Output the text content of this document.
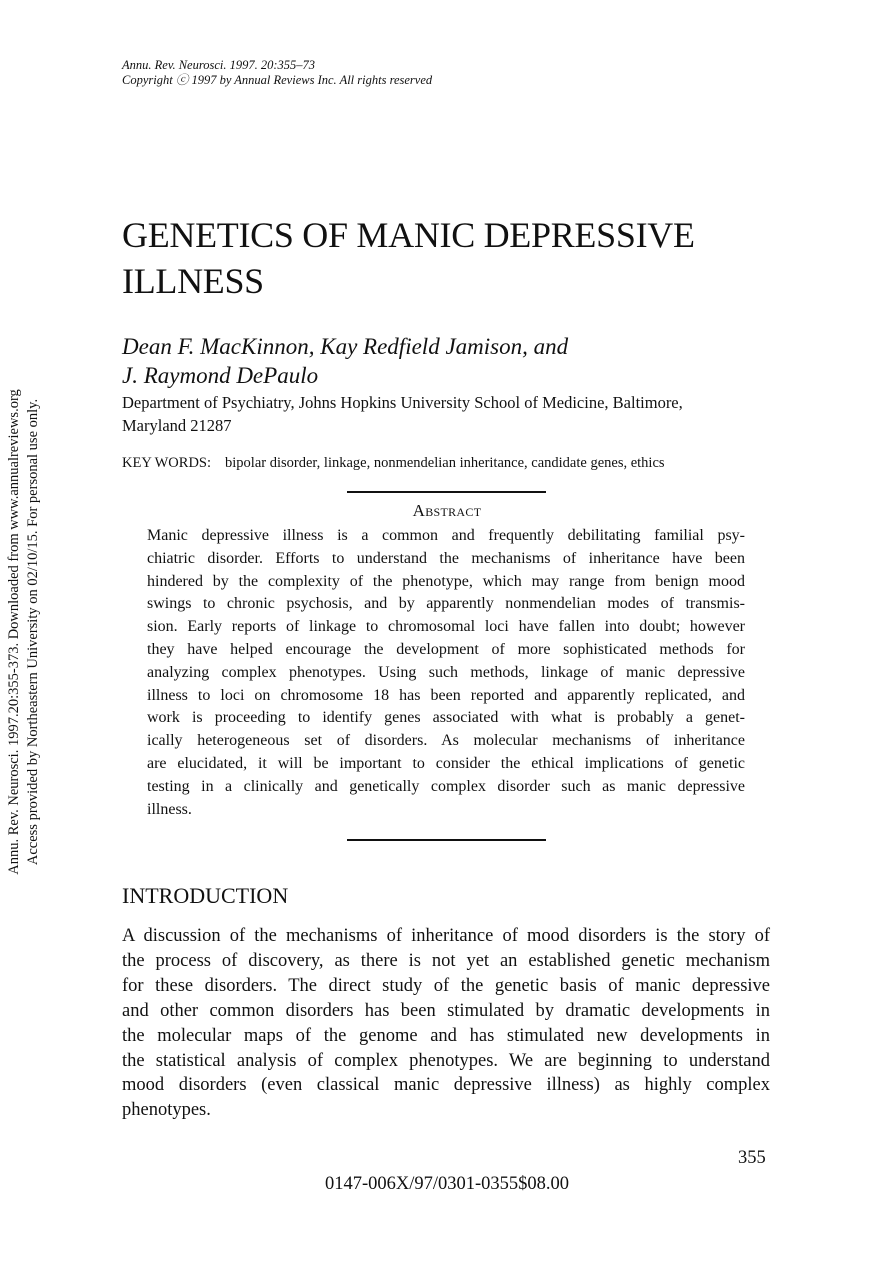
Annu. Rev. Neurosci. 1997. 20:355–73
Copyright ⓒ 1997 by Annual Reviews Inc. All rights reserved
Annu. Rev. Neurosci. 1997.20:355-373. Downloaded from www.annualreviews.org Access provided by Northeastern University on 02/10/15. For personal use only.
GENETICS OF MANIC DEPRESSIVE
ILLNESS
Dean F. MacKinnon, Kay Redfield Jamison, and
J. Raymond DePaulo
Department of Psychiatry, Johns Hopkins University School of Medicine, Baltimore,
Maryland 21287
KEY WORDS: bipolar disorder, linkage, nonmendelian inheritance, candidate genes, ethics
Abstract
Manic depressive illness is a common and frequently debilitating familial psy-
chiatric disorder. Efforts to understand the mechanisms of inheritance have been
hindered by the complexity of the phenotype, which may range from benign mood
swings to chronic psychosis, and by apparently nonmendelian modes of transmis-
sion. Early reports of linkage to chromosomal loci have fallen into doubt; however
they have helped encourage the development of more sophisticated methods for
analyzing complex phenotypes. Using such methods, linkage of manic depressive
illness to loci on chromosome 18 has been reported and apparently replicated, and
work is proceeding to identify genes associated with what is probably a genet-
ically heterogeneous set of disorders. As molecular mechanisms of inheritance
are elucidated, it will be important to consider the ethical implications of genetic
testing in a clinically and genetically complex disorder such as manic depressive
illness.
INTRODUCTION
A discussion of the mechanisms of inheritance of mood disorders is the story of
the process of discovery, as there is not yet an established genetic mechanism
for these disorders. The direct study of the genetic basis of manic depressive
and other common disorders has been stimulated by dramatic developments in
the molecular maps of the genome and has stimulated new developments in
the statistical analysis of complex phenotypes. We are beginning to understand
mood disorders (even classical manic depressive illness) as highly complex
phenotypes.
355
0147-006X/97/0301-0355$08.00
